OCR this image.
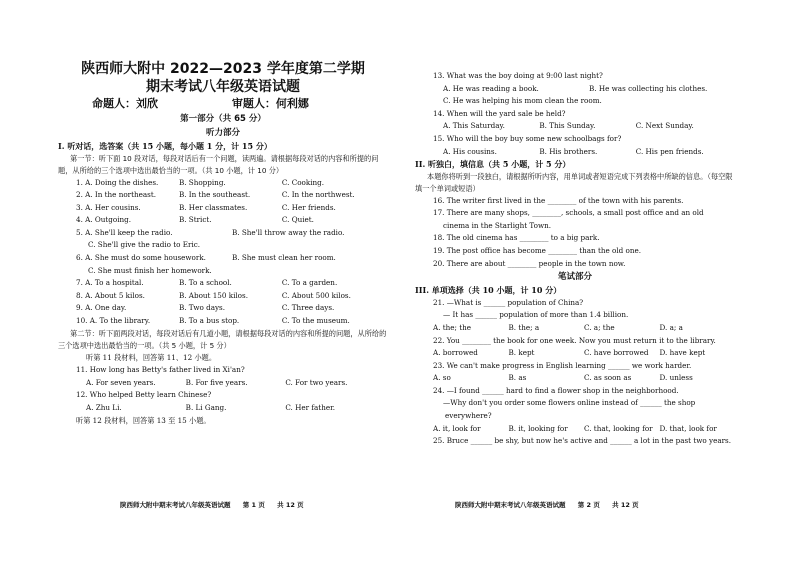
陕西师大附中 2022—2023 学年度第二学期
期末考试八年级英语试题
命题人：刘欣	审题人：何利娜
第一部分（共 65 分）
听力部分
I. 听对话，选答案（共 15 小题，每小题 1 分，计 15 分）
第一节：听下面 10 段对话，每段对话后有一个问题，读两遍。请根据每段对话的内容和所提的问题，从所给的三个选项中选出最恰当的一项。（共 10 小题，计 10 分）
1. A. Doing the dishes.	B. Shopping.	C. Cooking.
2. A. In the northeast.	B. In the southeast.	C. In the northwest.
3. A. Her cousins.	B. Her classmates.	C. Her friends.
4. A. Outgoing.	B. Strict.	C. Quiet.
5. A. She'll keep the radio.	B. She'll throw away the radio.
C. She'll give the radio to Eric.
6. A. She must do some housework.	B. She must clean her room.
C. She must finish her homework.
7. A. To a hospital.	B. To a school.	C. To a garden.
8. A. About 5 kilos.	B. About 150 kilos.	C. About 500 kilos.
9. A. One day.	B. Two days.	C. Three days.
10. A. To the library.	B. To a bus stop.	C. To the museum.
第二节：听下面两段对话，每段对话后有几道小题，请根据每段对话的内容和所提的问题，从所给的三个选项中选出最恰当的一项。（共 5 小题，计 5 分）
听第 11 段材料，回答第 11、12 小题。
11. How long has Betty's father lived in Xi'an?
A. For seven years.	B. For five years.	C. For two years.
12. Who helped Betty learn Chinese?
A. Zhu Li.	B. Li Gang.	C. Her father.
听第 12 段材料，回答第 13 至 15 小题。
陕西师大附中期末考试八年级英语试题 第 1 页 共 12 页
13. What was the boy doing at 9:00 last night?
A. He was reading a book.	B. He was collecting his clothes.
C. He was helping his mom clean the room.
14. When will the yard sale be held?
A. This Saturday.	B. This Sunday.	C. Next Sunday.
15. Who will the boy buy some new schoolbags for?
A. His cousins.	B. His brothers.	C. His pen friends.
II. 听独白，填信息（共 5 小题，计 5 分）
本题你将听到一段独白，请根据所听内容，用单词或者短语完成下列表格中所缺的信息。（每空限填一个单词或短语）
16. The writer first lived in the ________ of the town with his parents.
17. There are many shops, ________, schools, a small post office and an old
cinema in the Starlight Town.
18. The old cinema has ________ to a big park.
19. The post office has become ________ than the old one.
20. There are about ________ people in the town now.
笔试部分
III. 单项选择（共 10 小题，计 10 分）
21. —What is ______ population of China?
— It has ______ population of more than 1.4 billion.
A. the; the	B. the; a	C. a; the	D. a; a
22. You ________ the book for one week. Now you must return it to the library.
A. borrowed	B. kept	C. have borrowed	D. have kept
23. We can't make progress in English learning ______ we work harder.
A. so	B. as	C. as soon as	D. unless
24. —I found ______ hard to find a flower shop in the neighborhood.
—Why don't you order some flowers online instead of ______ the shop
everywhere?
A. it, look for	B. it, looking for	C. that, looking for D. that, look for
25. Bruce ______ be shy, but now he's active and ______ a lot in the past two years.
陕西师大附中期末考试八年级英语试题 第 2 页 共 12 页
